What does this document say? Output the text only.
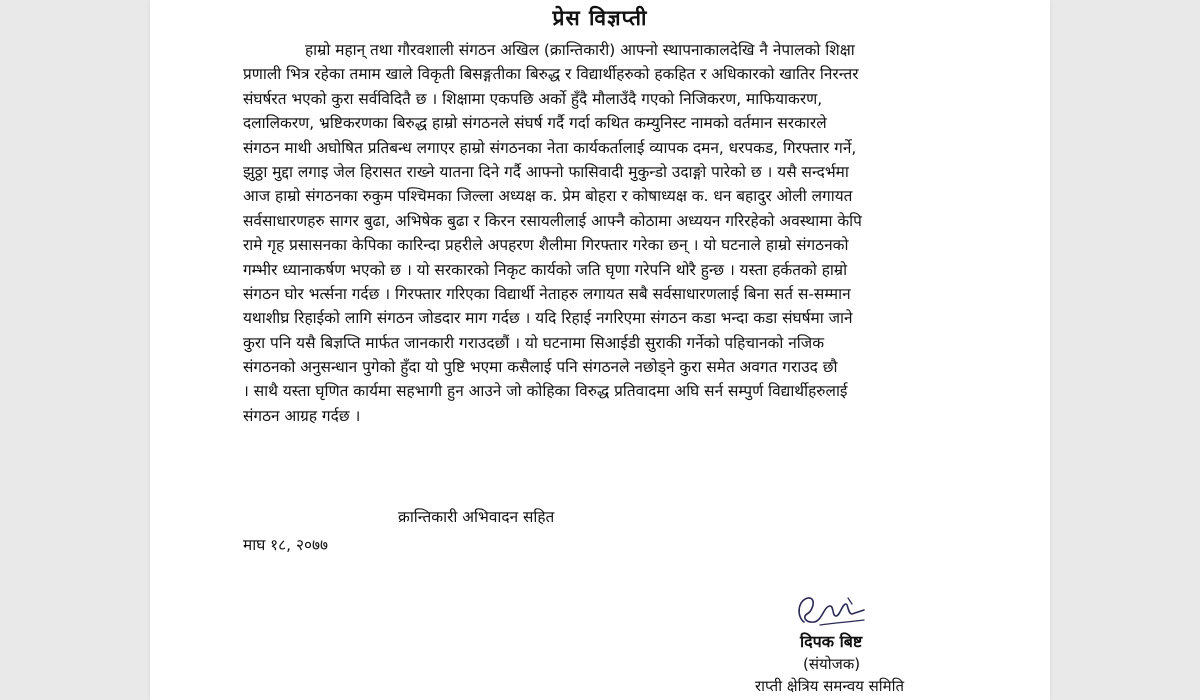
प्रेस विज्ञप्ती
हाम्रो महान् तथा गौरवशाली संगठन अखिल (क्रान्तिकारी) आफ्नो स्थापनाकालदेखि नै नेपालको शिक्षा
प्रणाली भित्र रहेका तमाम खाले विकृती बिसङ्गतीका बिरुद्ध र विद्यार्थीहरुको हकहित र अधिकारको खातिर निरन्तर
संघर्षरत भएको कुरा सर्वविदितै छ । शिक्षामा एकपछि अर्को हुँदै मौलाउँदै गएको निजिकरण, माफियाकरण,
दलालिकरण, भ्रष्टिकरणका बिरुद्ध हाम्रो संगठनले संघर्ष गर्दै गर्दा कथित कम्युनिस्ट नामको वर्तमान सरकारले
संगठन माथी अघोषित प्रतिबन्ध लगाएर हाम्रो संगठनका नेता कार्यकर्तालाई व्यापक दमन, धरपकड, गिरफ्तार गर्ने,
झुठ्ठा मुद्दा लगाइ जेल हिरासत राख्ने यातना दिने गर्दै आफ्नो फासिवादी मुकुन्डो उदाङ्गो पारेको छ । यसै सन्दर्भमा
आज हाम्रो संगठनका रुकुम पश्चिमका जिल्ला अध्यक्ष क. प्रेम बोहरा र कोषाध्यक्ष क. धन बहादुर ओली लगायत
सर्वसाधारणहरु सागर बुढा, अभिषेक बुढा र किरन रसायलीलाई आफ्नै कोठामा अध्ययन गरिरहेको अवस्थामा केपि
रामे गृह प्रसासनका केपिका कारिन्दा प्रहरीले अपहरण शैलीमा गिरफ्तार गरेका छन् । यो घटनाले हाम्रो संगठनको
गम्भीर ध्यानाकर्षण भएको छ । यो सरकारको निकृट कार्यको जति घृणा गरेपनि थोरै हुन्छ । यस्ता हर्कतको हाम्रो
संगठन घोर भर्त्सना गर्दछ । गिरफ्तार गरिएका विद्यार्थी नेताहरु लगायत सबै सर्वसाधारणलाई बिना सर्त स-सम्मान
यथाशीघ्र रिहाईको लागि संगठन जोडदार माग गर्दछ । यदि रिहाई नगरिएमा संगठन कडा भन्दा कडा संघर्षमा जाने
कुरा पनि यसै बिज्ञप्ति मार्फत जानकारी गराउदछौं । यो घटनामा सिआईडी सुराकी गर्नेको पहिचानको नजिक
संगठनको अनुसन्धान पुगेको हुँदा यो पुष्टि भएमा कसैलाई पनि संगठनले नछोड्ने कुरा समेत अवगत गराउद छौ
। साथै यस्ता घृणित कार्यमा सहभागी हुन आउने जो कोहिका विरुद्ध प्रतिवादमा अघि सर्न सम्पुर्ण विद्यार्थीहरुलाई
संगठन आग्रह गर्दछ ।
क्रान्तिकारी अभिवादन सहित
माघ १८, २०७७
दिपक बिष्ट
(संयोजक)
राप्ती क्षेत्रिय समन्वय समिति
